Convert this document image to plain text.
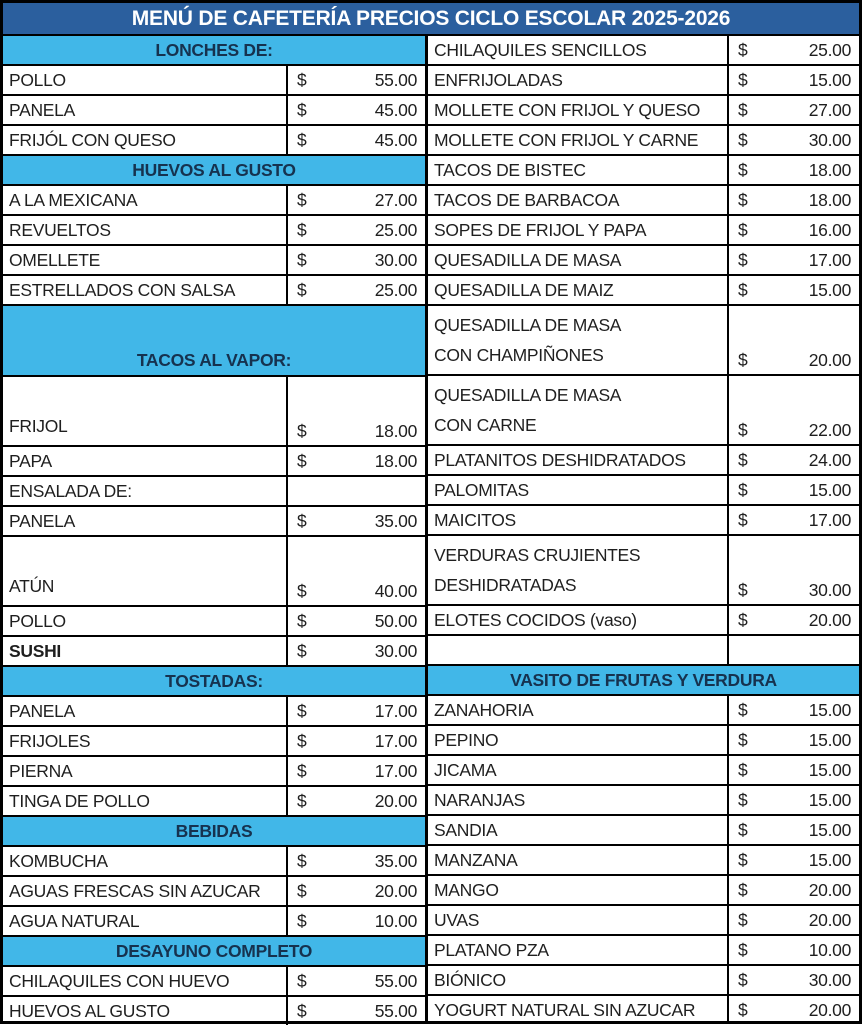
MENÚ DE CAFETERÍA PRECIOS CICLO ESCOLAR 2025-2026
LONCHES DE:	

POLLO	$ 55.00

PANELA	$ 45.00

FRIJÓL CON QUESO	$ 45.00

HUEVOS AL GUSTO	

A LA MEXICANA	$ 27.00

REVUELTOS	$ 25.00

OMELLETE	$ 30.00

ESTRELLADOS CON SALSA	$ 25.00

TACOS AL VAPOR:	

FRIJOL	$ 18.00

PAPA	$ 18.00

ENSALADA DE:	

PANELA	$ 35.00

ATÚN	$ 40.00

POLLO	$ 50.00

SUSHI	$ 30.00

TOSTADAS:	

PANELA	$ 17.00

FRIJOLES	$ 17.00

PIERNA	$ 17.00

TINGA DE POLLO	$ 20.00

BEBIDAS	

KOMBUCHA	$ 35.00

AGUAS FRESCAS SIN AZUCAR	$ 20.00

AGUA NATURAL	$ 10.00

DESAYUNO COMPLETO	

CHILAQUILES CON HUEVO	$ 55.00

HUEVOS AL GUSTO	$ 55.00
CHILAQUILES SENCILLOS	$ 25.00

ENFRIJOLADAS	$ 15.00

MOLLETE CON FRIJOL Y QUESO	$ 27.00

MOLLETE CON FRIJOL Y CARNE	$ 30.00

TACOS DE BISTEC	$ 18.00

TACOS DE BARBACOA	$ 18.00

SOPES DE FRIJOL Y PAPA	$ 16.00

QUESADILLA DE MASA	$ 17.00

QUESADILLA DE MAIZ	$ 15.00

QUESADILLA DE MASA
CON CHAMPIÑONES	$	20.00

QUESADILLA DE MASA
CON CARNE	$	22.00

PLATANITOS DESHIDRATADOS	$ 24.00

PALOMITAS	$ 15.00

MAICITOS	$ 17.00

VERDURAS CRUJIENTES
DESHIDRATADAS	$	30.00

ELOTES COCIDOS (vaso)	$ 20.00

VASITO DE FRUTAS Y VERDURA	

ZANAHORIA	$ 15.00

PEPINO	$ 15.00

JICAMA	$ 15.00

NARANJAS	$ 15.00

SANDIA	$ 15.00

MANZANA	$ 15.00

MANGO	$ 20.00

UVAS	$ 20.00

PLATANO PZA	$ 10.00

BIÓNICO	$ 30.00

YOGURT NATURAL SIN AZUCAR	$ 20.00
